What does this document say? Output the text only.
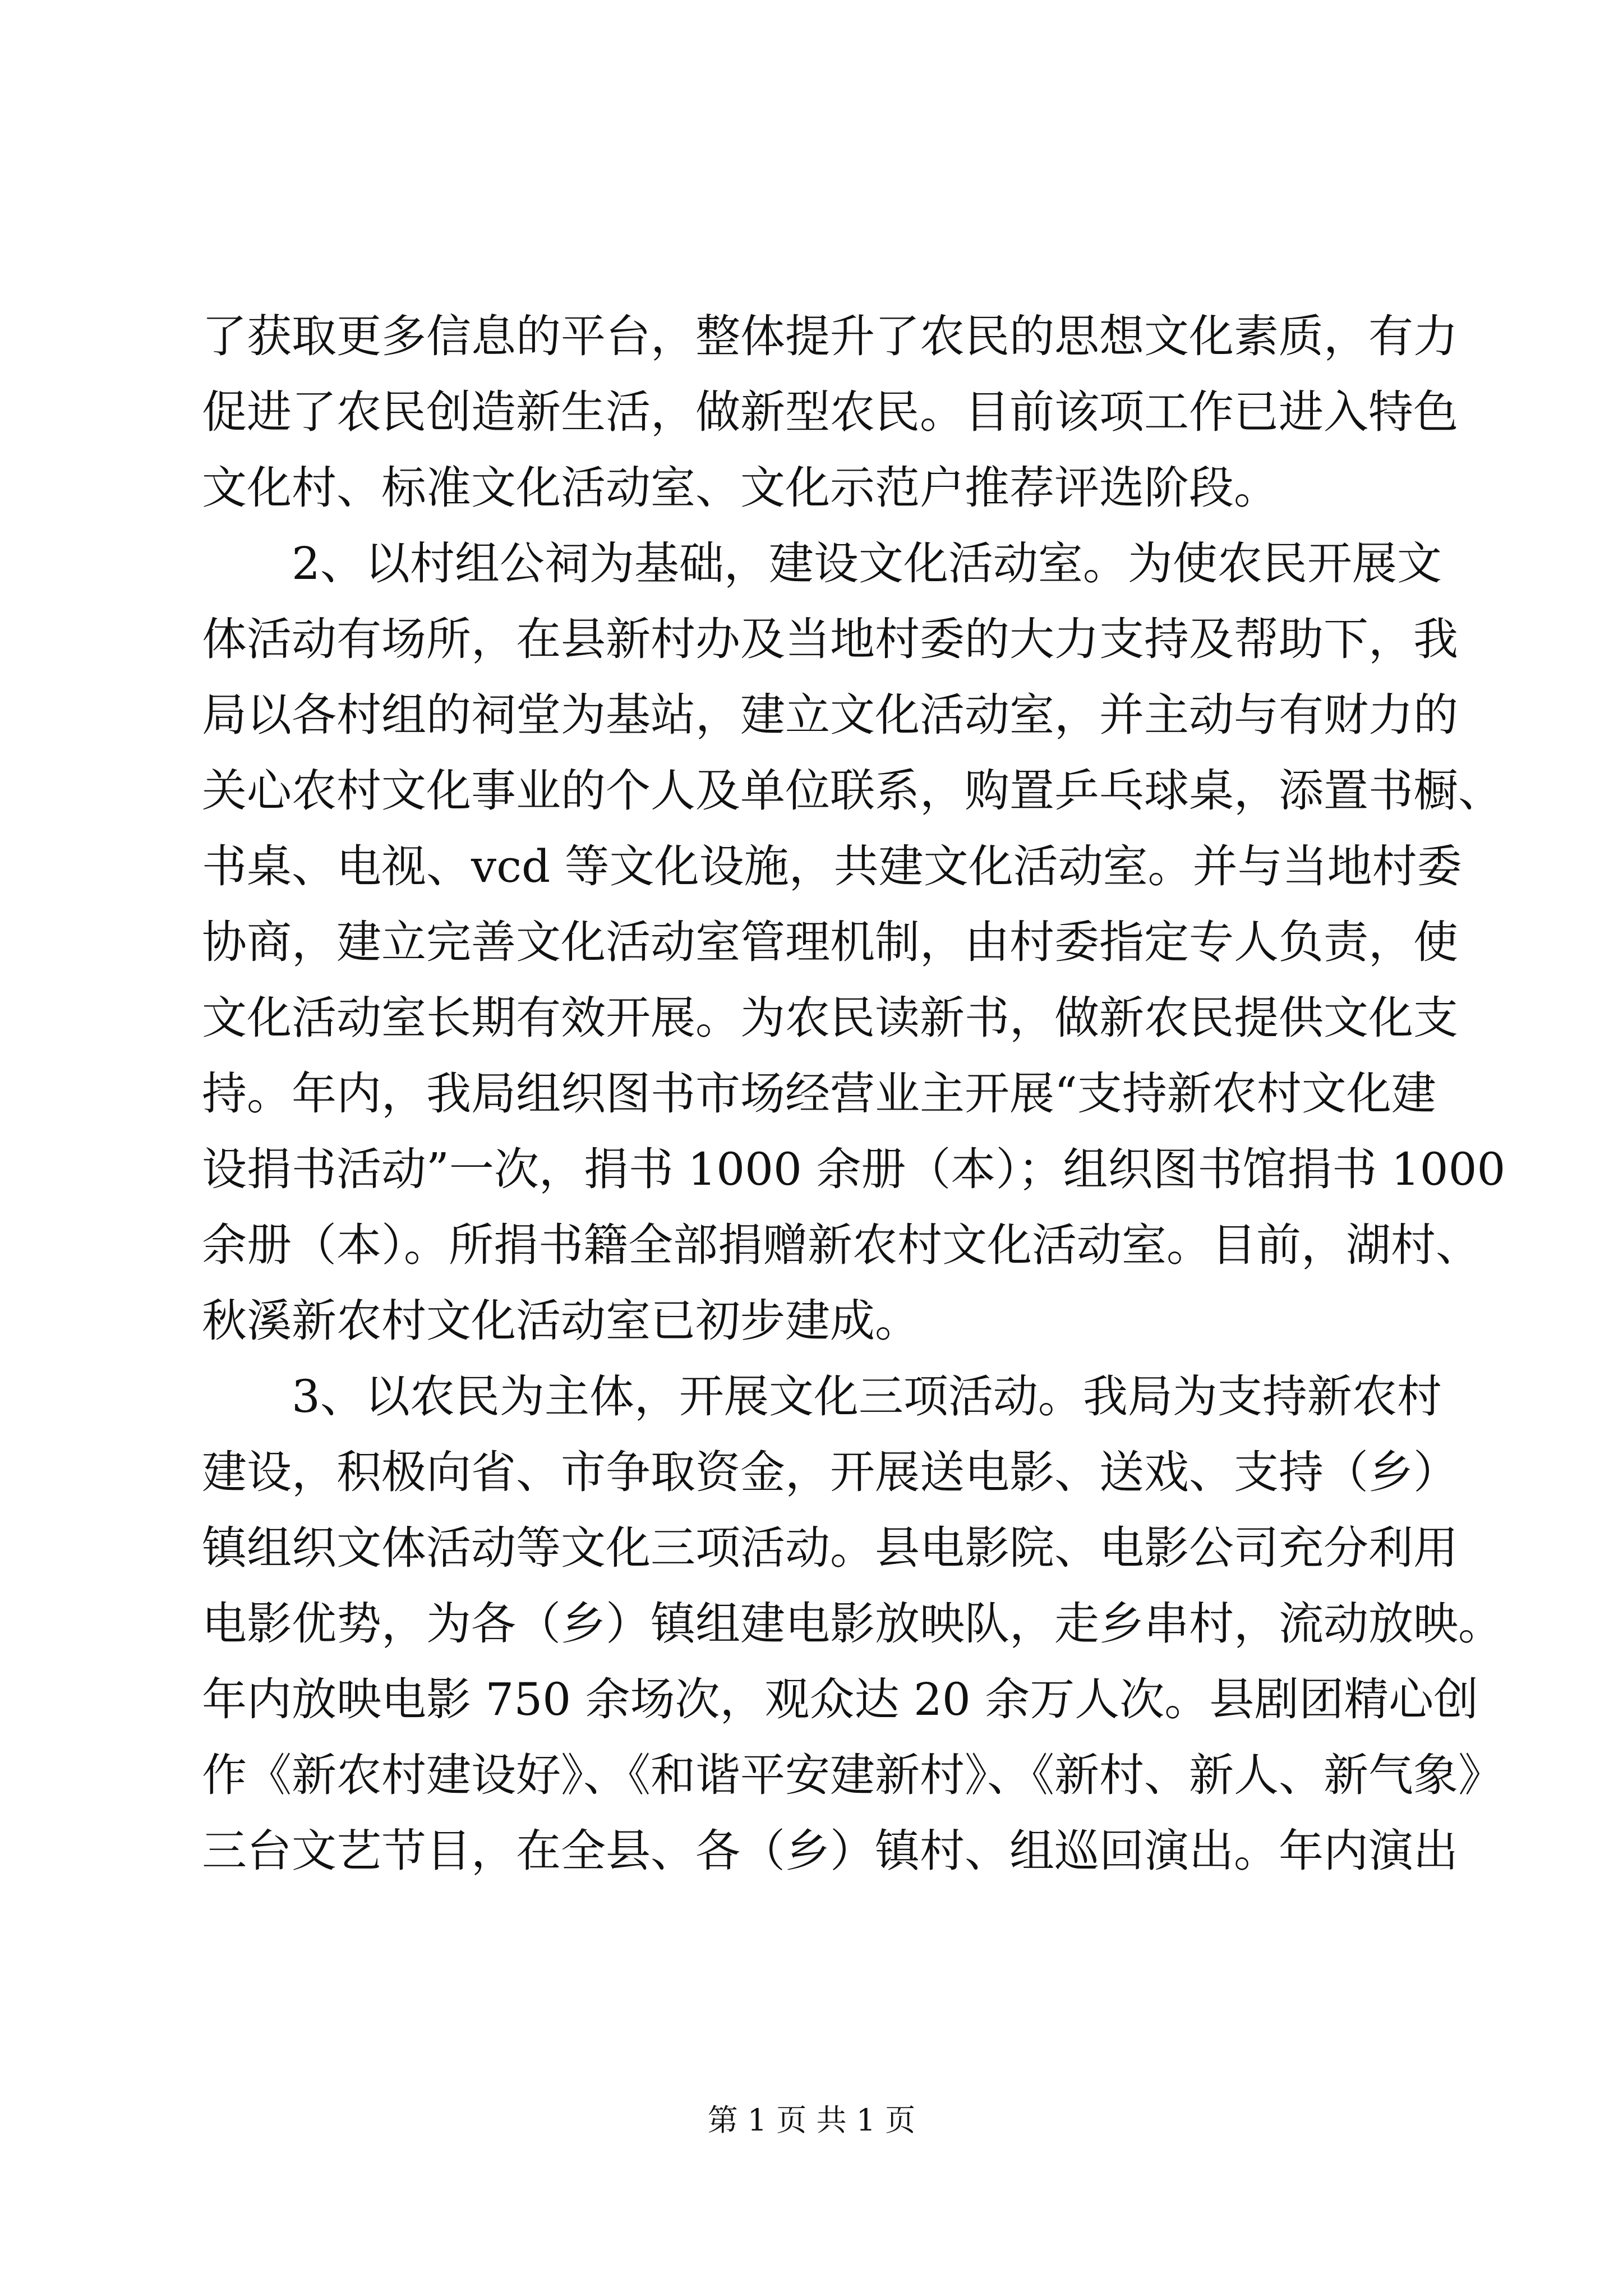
了获取更多信息的平台，整体提升了农民的思想文化素质，有力
促进了农民创造新生活，做新型农民。目前该项工作已进入特色
文化村、标准文化活动室、文化示范户推荐评选阶段。
2、以村组公祠为基础，建设文化活动室。为使农民开展文
体活动有场所，在县新村办及当地村委的大力支持及帮助下，我
局以各村组的祠堂为基站，建立文化活动室，并主动与有财力的
关心农村文化事业的个人及单位联系，购置乒乓球桌，添置书橱、
书桌、电视、vcd 等文化设施，共建文化活动室。并与当地村委
协商，建立完善文化活动室管理机制，由村委指定专人负责，使
文化活动室长期有效开展。为农民读新书，做新农民提供文化支
持。年内，我局组织图书市场经营业主开展“支持新农村文化建
设捐书活动”一次，捐书 1000 余册（本）；组织图书馆捐书 1000
余册（本）。所捐书籍全部捐赠新农村文化活动室。目前，湖村、
秋溪新农村文化活动室已初步建成。
3、以农民为主体，开展文化三项活动。我局为支持新农村
建设，积极向省、市争取资金，开展送电影、送戏、支持（乡）
镇组织文体活动等文化三项活动。县电影院、电影公司充分利用
电影优势，为各（乡）镇组建电影放映队，走乡串村，流动放映。
年内放映电影 750 余场次，观众达 20 余万人次。县剧团精心创
作《新农村建设好》、《和谐平安建新村》、《新村、新人、新气象》
三台文艺节目，在全县、各（乡）镇村、组巡回演出。年内演出
第 1 页 共 1 页
